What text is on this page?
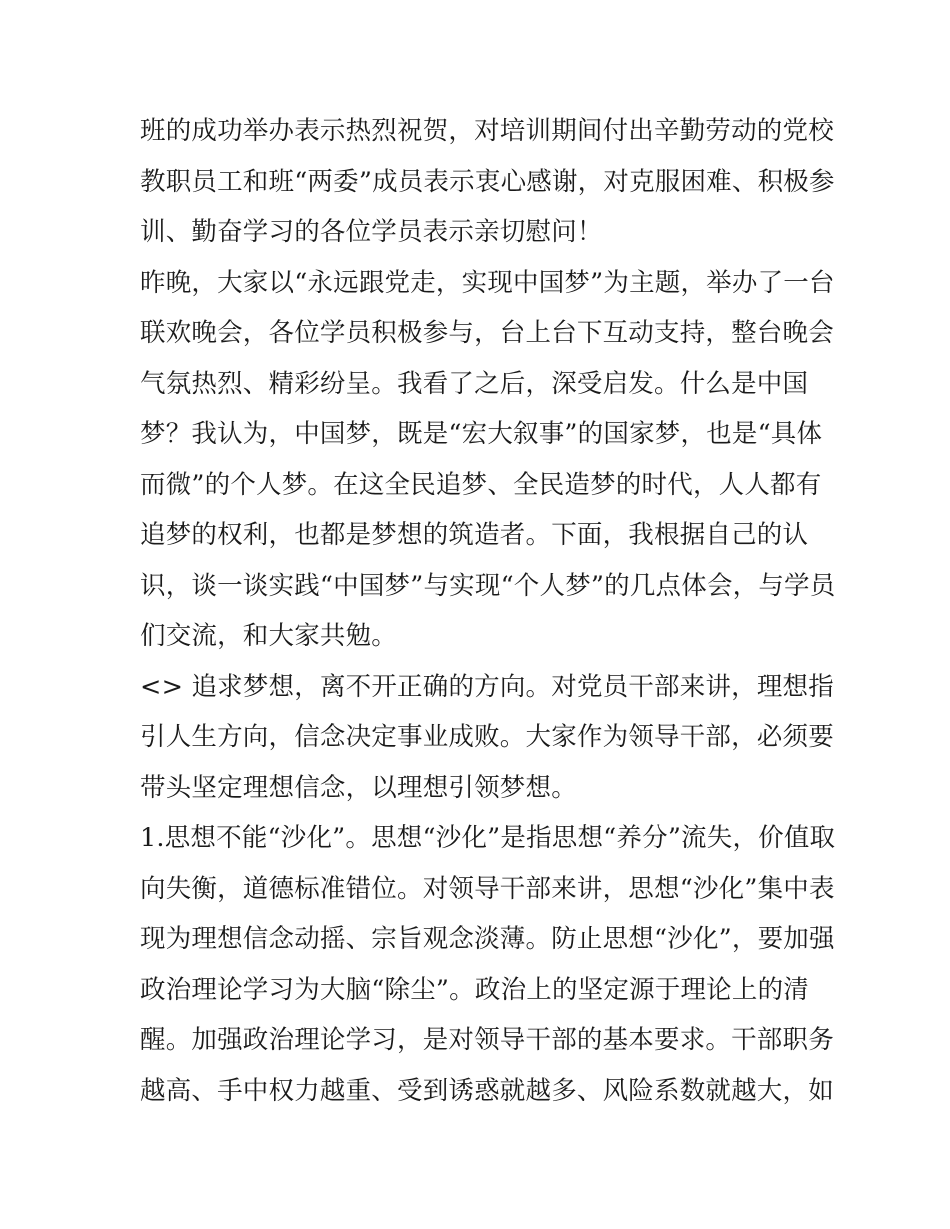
班的成功举办表示热烈祝贺，对培训期间付出辛勤劳动的党校
教职员工和班“两委”成员表示衷心感谢，对克服困难、积极参
训、勤奋学习的各位学员表示亲切慰问！
昨晚，大家以“永远跟党走，实现中国梦”为主题，举办了一台
联欢晚会，各位学员积极参与，台上台下互动支持，整台晚会
气氛热烈、精彩纷呈。我看了之后，深受启发。什么是中国
梦？我认为，中国梦，既是“宏大叙事”的国家梦，也是“具体
而微”的个人梦。在这全民追梦、全民造梦的时代，人人都有
追梦的权利，也都是梦想的筑造者。下面，我根据自己的认
识，谈一谈实践“中国梦”与实现“个人梦”的几点体会，与学员
们交流，和大家共勉。
<> 追求梦想，离不开正确的方向。对党员干部来讲，理想指
引人生方向，信念决定事业成败。大家作为领导干部，必须要
带头坚定理想信念，以理想引领梦想。
1.思想不能“沙化”。思想“沙化”是指思想“养分”流失，价值取
向失衡，道德标准错位。对领导干部来讲，思想“沙化”集中表
现为理想信念动摇、宗旨观念淡薄。防止思想“沙化”，要加强
政治理论学习为大脑“除尘”。政治上的坚定源于理论上的清
醒。加强政治理论学习，是对领导干部的基本要求。干部职务
越高、手中权力越重、受到诱惑就越多、风险系数就越大，如
